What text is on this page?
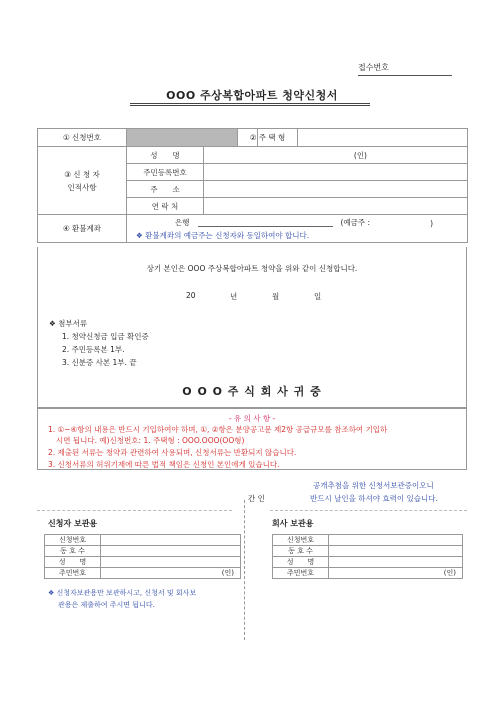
접수번호
OOO 주상복합아파트 청약신청서
① 신청번호				② 주 택 형

③ 신 청 자
인적사항	성　　명	(인)		
	주민등록번호			
	주　　소			
	연 락 처			
④ 환불계좌	은행 (예금주 : )
❖ 환불계좌의 예금주는 신청자와 동일하여야 합니다.			
상기 본인은 OOO 주상복합아파트 청약을 위와 같이 신청합니다.
20	년	월	일
❖ 첨부서류
1. 청약신청금 입금 확인증
2. 주민등록본 1부.
3. 신분증 사본 1부. 끝
O O O 주 식 회 사 귀 중
- 유 의 사 항 -
1. ①~④항의 내용은 반드시 기입하여야 하며, ①, ②항은 분양공고문 제2항 공급규모를 참조하여 기입하
시면 됩니다. 예)신청번호: 1. 주택형 : OOO.OOO(OO형)
2. 제출된 서류는 청약과 관련하여 사용되며, 신청서류는 반환되지 않습니다.
3. 신청서류의 허위기재에 따른 법적 책임은 신청인 본인에게 있습니다.
공개추첨을 위한 신청서보관증이오니
간 인	반드시 날인을 하셔야 효력이 있습니다.
신청자 보관용
신청번호	
동 호 수	
성　　명	
주민번호	(인)
❖ 신청자보관용만 보관하시고, 신청서 및 회사보
관용은 제출하여 주시면 됩니다.
회사 보관용
신청번호	
동 호 수	
성　　명	
주민번호	(인)
